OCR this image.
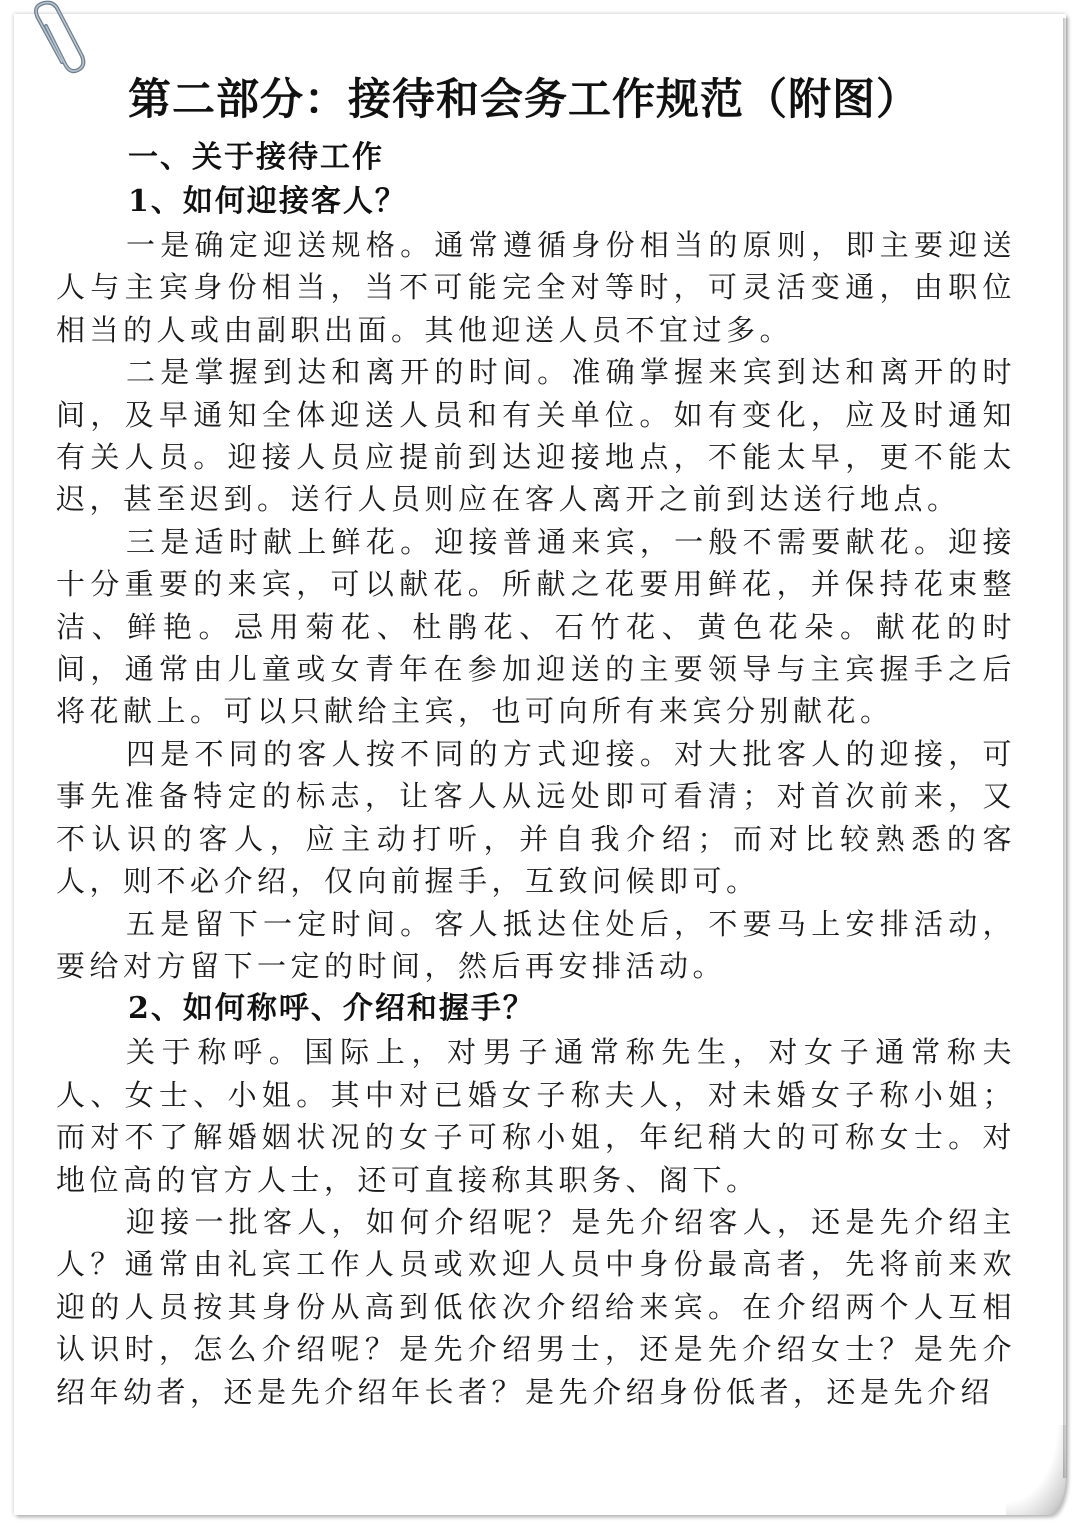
第二部分：接待和会务工作规范（附图）
一、关于接待工作
1、如何迎接客人？

一是确定迎送规格。通常遵循身份相当的原则，即主要迎送人与主宾身份相当，当不可能完全对等时，可灵活变通，由职位相当的人或由副职出面。其他迎送人员不宜过多。

二是掌握到达和离开的时间。准确掌握来宾到达和离开的时间，及早通知全体迎送人员和有关单位。如有变化，应及时通知有关人员。迎接人员应提前到达迎接地点，不能太早，更不能太迟，甚至迟到。送行人员则应在客人离开之前到达送行地点。

三是适时献上鲜花。迎接普通来宾，一般不需要献花。迎接十分重要的来宾，可以献花。所献之花要用鲜花，并保持花束整洁、鲜艳。忌用菊花、杜鹃花、石竹花、黄色花朵。献花的时间，通常由儿童或女青年在参加迎送的主要领导与主宾握手之后将花献上。可以只献给主宾，也可向所有来宾分别献花。

四是不同的客人按不同的方式迎接。对大批客人的迎接，可事先准备特定的标志，让客人从远处即可看清；对首次前来，又不认识的客人，应主动打听，并自我介绍；而对比较熟悉的客人，则不必介绍，仅向前握手，互致问候即可。

五是留下一定时间。客人抵达住处后，不要马上安排活动，要给对方留下一定的时间，然后再安排活动。

2、如何称呼、介绍和握手？

关于称呼。国际上，对男子通常称先生，对女子通常称夫人、女士、小姐。其中对已婚女子称夫人，对未婚女子称小姐；而对不了解婚姻状况的女子可称小姐，年纪稍大的可称女士。对地位高的官方人士，还可直接称其职务、阁下。

迎接一批客人，如何介绍呢？是先介绍客人，还是先介绍主人？通常由礼宾工作人员或欢迎人员中身份最高者，先将前来欢迎的人员按其身份从高到低依次介绍给来宾。在介绍两个人互相认识时，怎么介绍呢？是先介绍男士，还是先介绍女士？是先介绍年幼者，还是先介绍年长者？是先介绍身份低者，还是先介绍
